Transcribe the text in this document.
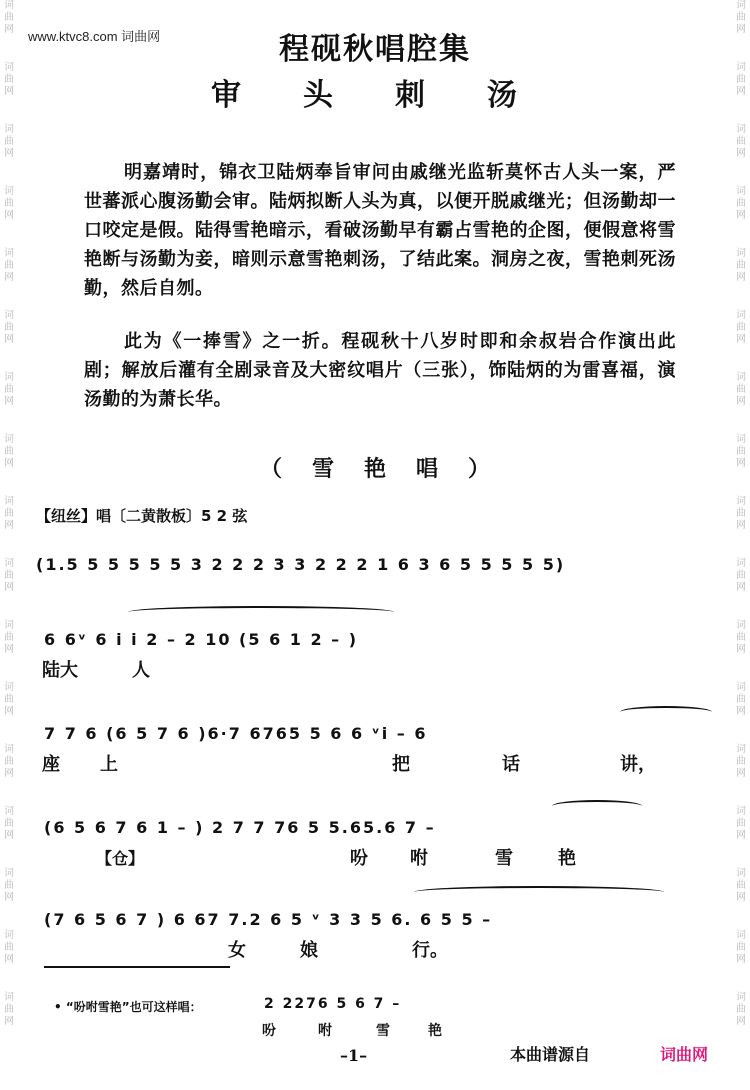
词曲网
词曲网
词曲网
词曲网
词曲网
词曲网
词曲网
词曲网
词曲网
词曲网
词曲网
词曲网
词曲网
词曲网
词曲网
词曲网
词曲网
词曲网
词曲网
词曲网
词曲网
词曲网
词曲网
词曲网
词曲网
词曲网
词曲网
词曲网
词曲网
词曲网
词曲网
词曲网
词曲网
词曲网
www.ktvc8.com 词曲网	程砚秋唱腔集
审头刺汤
明嘉靖时，锦衣卫陆炳奉旨审问由戚继光监斩莫怀古人头一案，严世蕃派心腹汤勤会审。陆炳拟断人头为真，以便开脱戚继光；但汤勤却一口咬定是假。陆得雪艳暗示，看破汤勤早有霸占雪艳的企图，便假意将雪艳断与汤勤为妾，暗则示意雪艳刺汤，了结此案。洞房之夜，雪艳刺死汤勤，然后自刎。
此为《一捧雪》之一折。程砚秋十八岁时即和余叔岩合作演出此剧；解放后灌有全剧录音及大密纹唱片（三张），饰陆炳的为雷喜福，演汤勤的为萧长华。
（雪艳唱）
【纽丝】唱〔二黄散板〕5 2 弦
(1.5 5 5 5 5 5 3 2 2 2 3 3 2 2 2 1 6 3 6 5 5 5 5 5)
6 6ᵛ 6 i i 2 – 2 10 (5 6 1 2 – )
陆大	人
7 7 6 (6 5 7 6 )6·7 6765 5 6 6 ᵛi – 6
座 上	把	话	讲，
(6 5 6 7 6 1 – ) 2 7 7 76 5 5.65.6 7 –
【仓】	吩 咐	雪	艳
(7 6 5 6 7 ) 6 67 7.2 6 5 ᵛ 3 3 5 6. 6 5 5 –
女	娘	行。
• “吩咐雪艳”也可这样唱：	2 2276 5 6 7 –
吩	咐	雪	艳
–1–	本曲谱源自	词曲网
